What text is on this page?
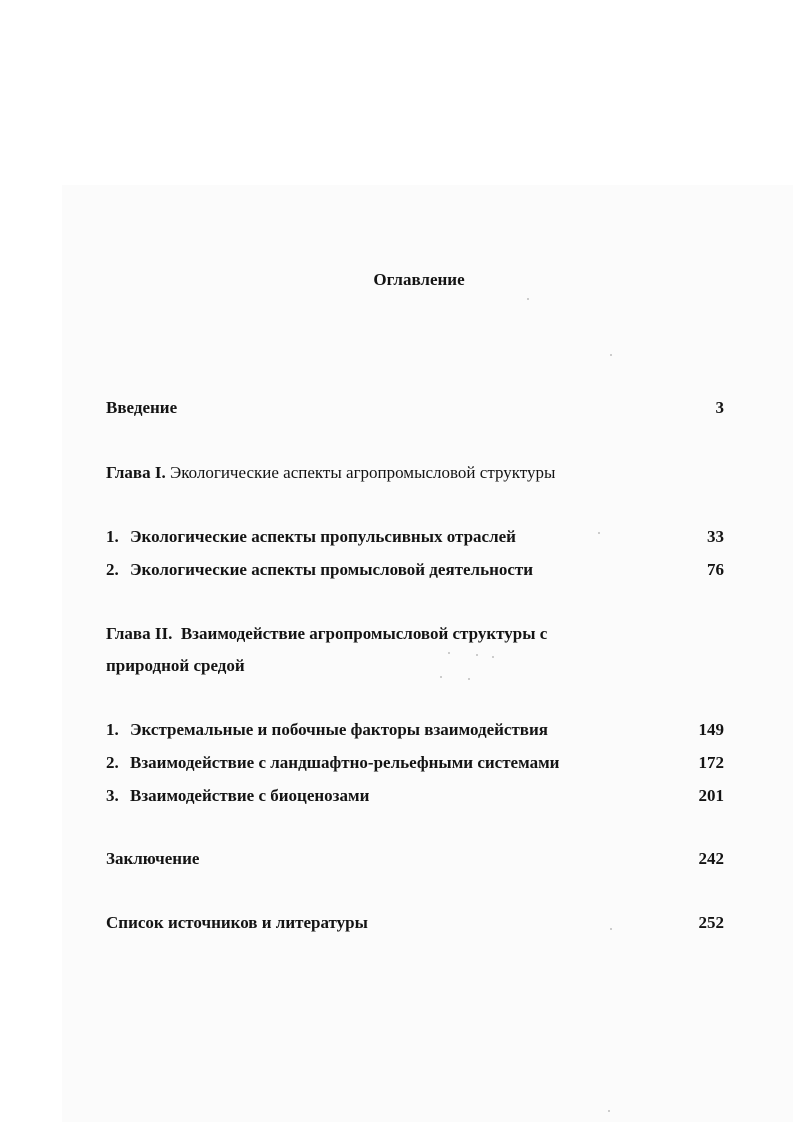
Оглавление
Введение	3
Глава I. Экологические аспекты агропромысловой структуры
1. Экологические аспекты пропульсивных отраслей	33
2. Экологические аспекты промысловой деятельности	76
Глава II.  Взаимодействие агропромысловой структуры с
природной средой
1. Экстремальные и побочные факторы взаимодействия	149
2. Взаимодействие с ландшафтно-рельефными системами	172
3. Взаимодействие с биоценозами	201
Заключение	242
Список источников и литературы	252
